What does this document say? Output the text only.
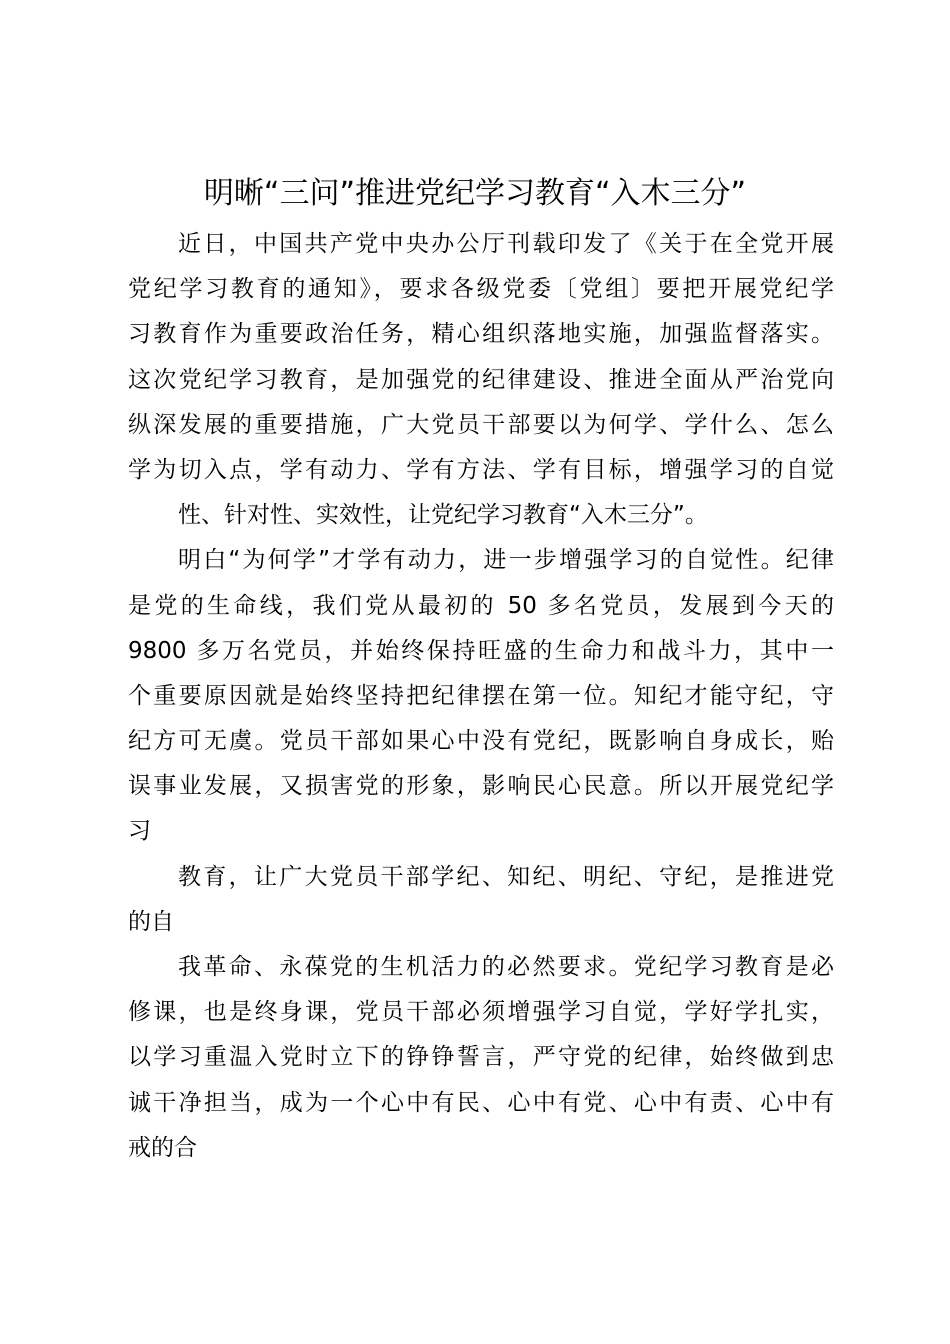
明晰“三问”推进党纪学习教育“入木三分”
近日，中国共产党中央办公厅刊载印发了《关于在全党开展
党纪学习教育的通知》，要求各级党委〔党组〕要把开展党纪学
习教育作为重要政治任务，精心组织落地实施，加强监督落实。
这次党纪学习教育，是加强党的纪律建设、推进全面从严治党向
纵深发展的重要措施，广大党员干部要以为何学、学什么、怎么
学为切入点，学有动力、学有方法、学有目标，增强学习的自觉
性、针对性、实效性，让党纪学习教育“入木三分”。
明白“为何学”才学有动力，进一步增强学习的自觉性。纪律
是党的生命线，我们党从最初的 50 多名党员，发展到今天的
9800 多万名党员，并始终保持旺盛的生命力和战斗力，其中一
个重要原因就是始终坚持把纪律摆在第一位。知纪才能守纪，守
纪方可无虞。党员干部如果心中没有党纪，既影响自身成长，贻
误事业发展，又损害党的形象，影响民心民意。所以开展党纪学
习
教育，让广大党员干部学纪、知纪、明纪、守纪，是推进党
的自
我革命、永葆党的生机活力的必然要求。党纪学习教育是必
修课，也是终身课，党员干部必须增强学习自觉，学好学扎实，
以学习重温入党时立下的铮铮誓言，严守党的纪律，始终做到忠
诚干净担当，成为一个心中有民、心中有党、心中有责、心中有
戒的合
